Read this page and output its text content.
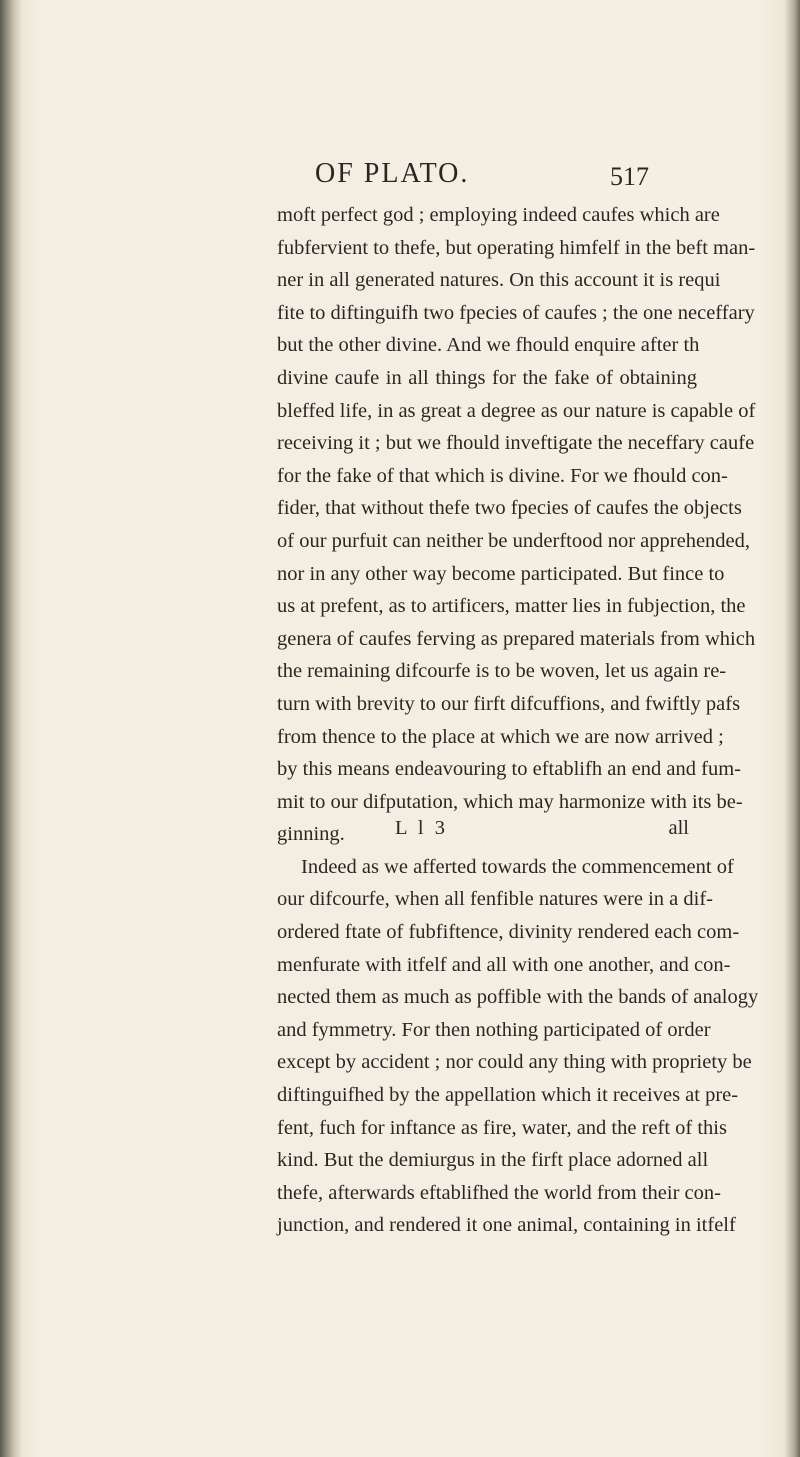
OF PLATO.	517
moft perfect god ; employing indeed caufes which are
fubfervient to thefe, but operating himfelf in the beft man-
ner in all generated natures. On this account it is requi
fite to diftinguifh two fpecies of caufes ; the one neceffary
but the other divine. And we fhould enquire after th
divine caufe in all things for the fake of obtaining
bleffed life, in as great a degree as our nature is capable of
receiving it ; but we fhould inveftigate the neceffary caufe
for the fake of that which is divine. For we fhould con-
fider, that without thefe two fpecies of caufes the objects
of our purfuit can neither be underftood nor apprehended,
nor in any other way become participated. But fince to
us at prefent, as to artificers, matter lies in fubjection, the
genera of caufes ferving as prepared materials from which
the remaining difcourfe is to be woven, let us again re-
turn with brevity to our firft difcuffions, and fwiftly pafs
from thence to the place at which we are now arrived ;
by this means endeavouring to eftablifh an end and fum-
mit to our difputation, which may harmonize with its be-
ginning.
Indeed as we afferted towards the commencement of
our difcourfe, when all fenfible natures were in a dif-
ordered ftate of fubfiftence, divinity rendered each com-
menfurate with itfelf and all with one another, and con-
nected them as much as poffible with the bands of analogy
and fymmetry. For then nothing participated of order
except by accident ; nor could any thing with propriety be
diftinguifhed by the appellation which it receives at pre-
fent, fuch for inftance as fire, water, and the reft of this
kind. But the demiurgus in the firft place adorned all
thefe, afterwards eftablifhed the world from their con-
junction, and rendered it one animal, containing in itfelf
L l 3	all
